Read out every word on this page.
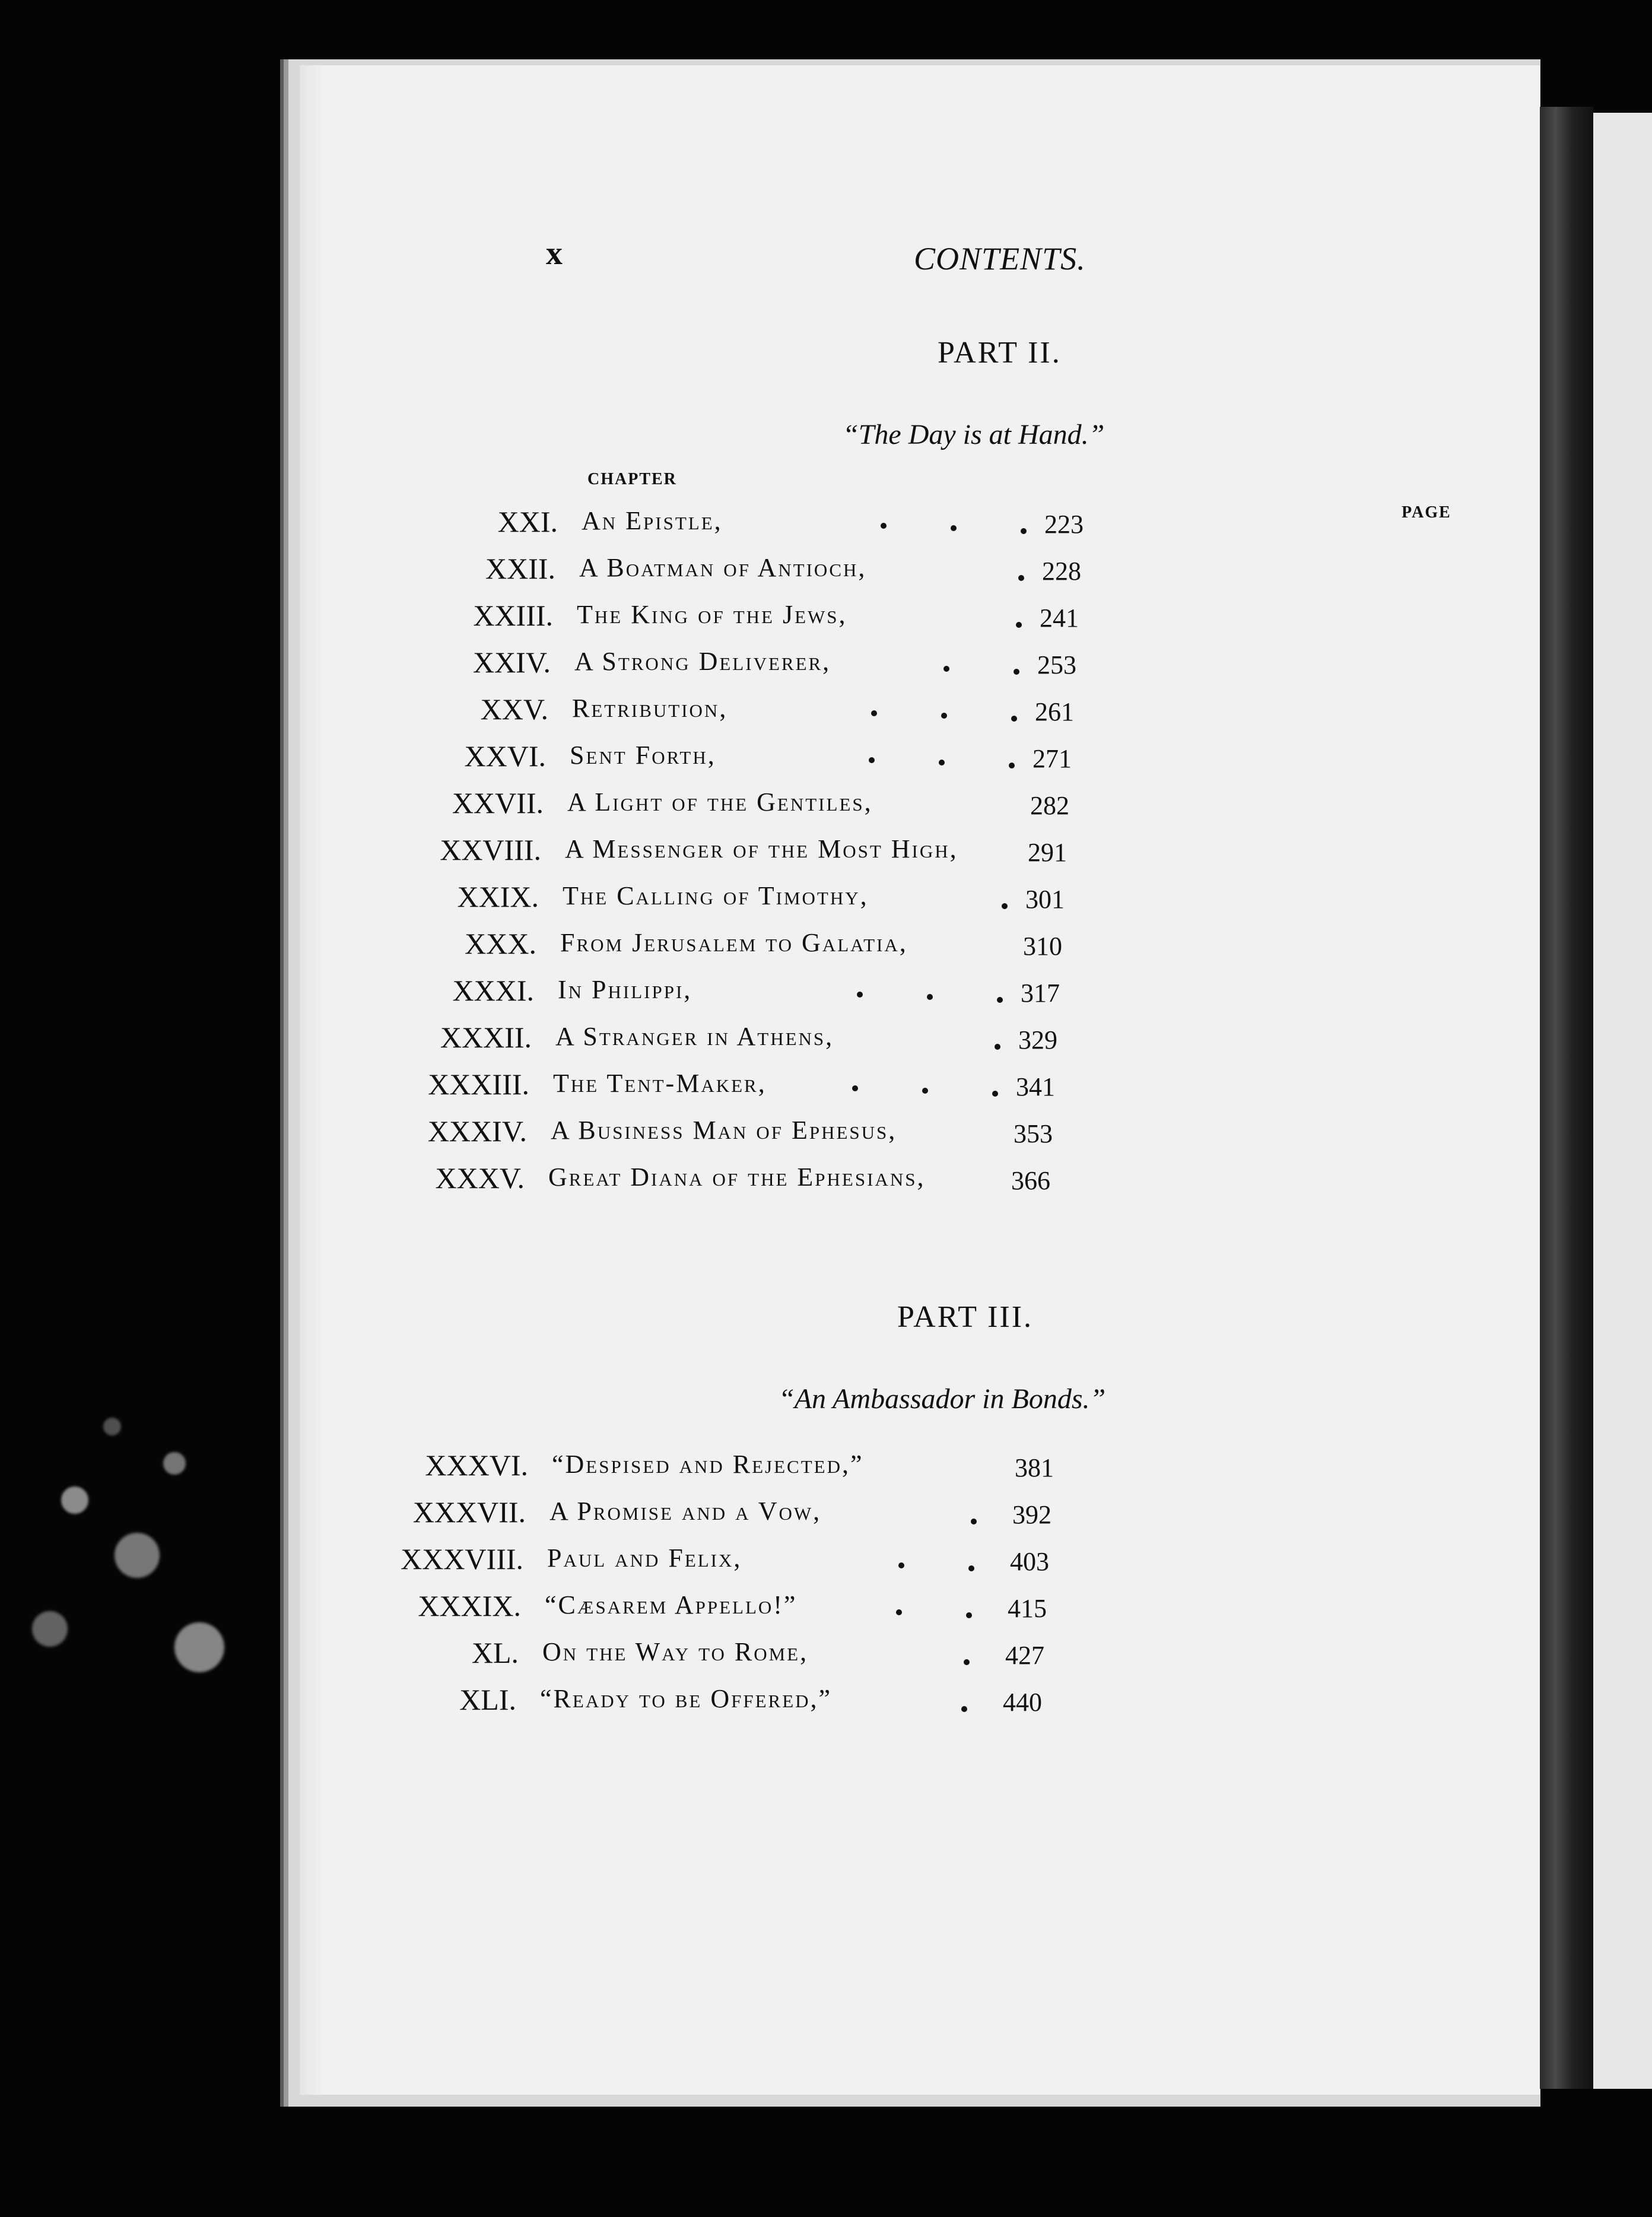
x	CONTENTS.
PART II.
“The Day is at Hand.”
CHAPTER
PAGE
XXI. An Epistle,	223
XXII. A Boatman of Antioch,	228
XXIII. The King of the Jews,	241
XXIV. A Strong Deliverer,	253
XXV. Retribution,	261
XXVI. Sent Forth,	271
XXVII. A Light of the Gentiles,	282
XXVIII. A Messenger of the Most High,	291
XXIX. The Calling of Timothy,	301
XXX. From Jerusalem to Galatia,	310
XXXI. In Philippi,	317
XXXII. A Stranger in Athens,	329
XXXIII. The Tent-Maker,	341
XXXIV. A Business Man of Ephesus,	353
XXXV. Great Diana of the Ephesians,	366
PART III.
“An Ambassador in Bonds.”
XXXVI. “Despised and Rejected,”	381
XXXVII. A Promise and a Vow,	392
XXXVIII. Paul and Felix,	403
XXXIX. “Cæsarem Appello!”	415
XL. On the Way to Rome,	427
XLI. “Ready to be Offered,”	440
